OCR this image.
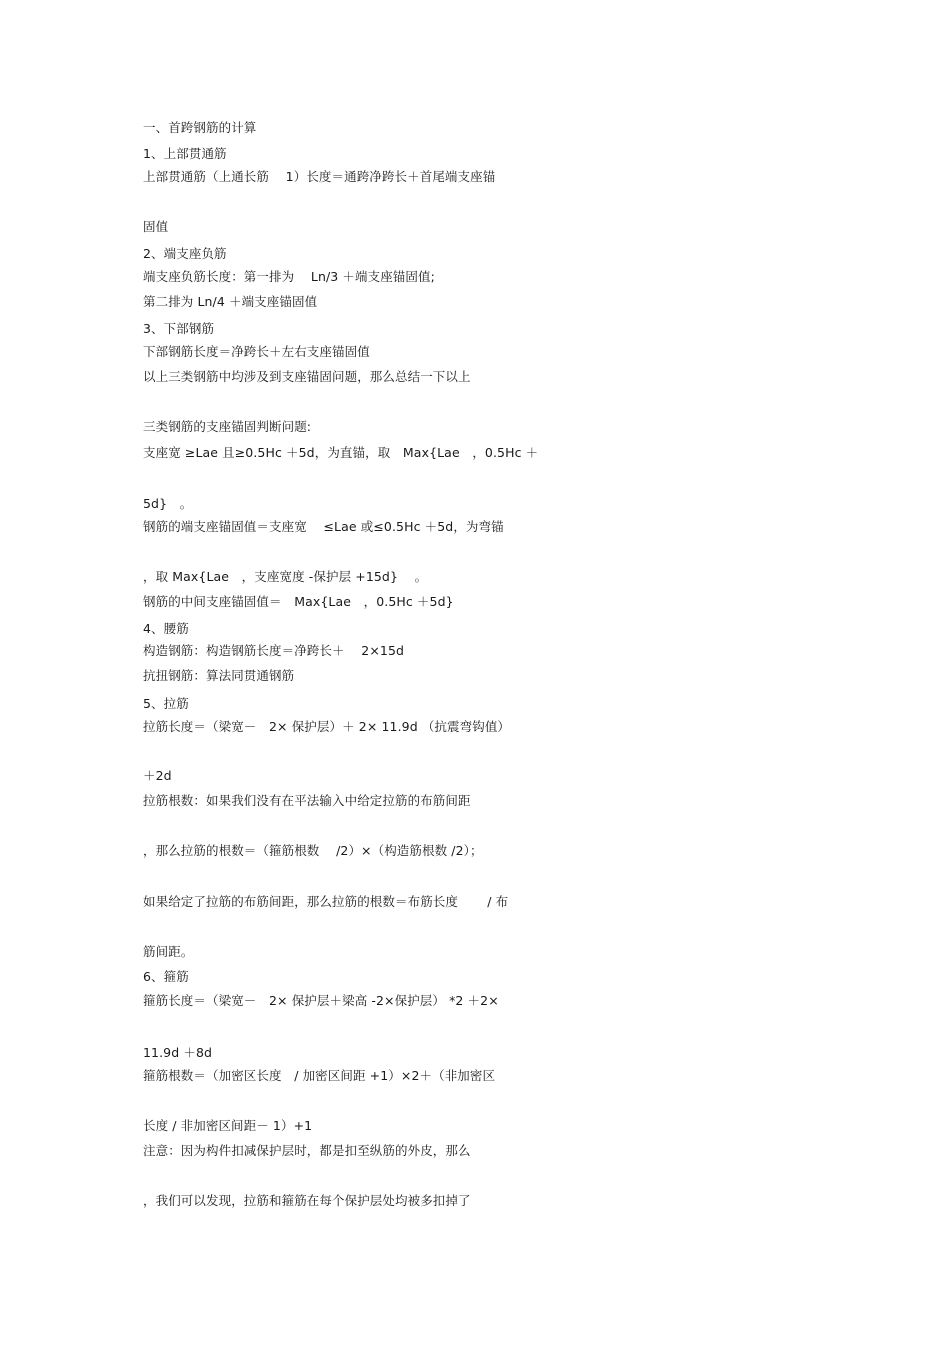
一、首跨钢筋的计算
1、上部贯通筋
上部贯通筋（上通长筋　 1）长度＝通跨净跨长＋首尾端支座锚
固值
2、端支座负筋
端支座负筋长度：第一排为　 Ln/3 ＋端支座锚固值;
第二排为 Ln/4 ＋端支座锚固值
3、下部钢筋
下部钢筋长度＝净跨长＋左右支座锚固值
以上三类钢筋中均涉及到支座锚固问题，那么总结一下以上
三类钢筋的支座锚固判断问题:
支座宽 ≥Lae 且≥0.5Hc ＋5d，为直锚，取　Max{Lae　，0.5Hc ＋
5d}　。
钢筋的端支座锚固值＝支座宽　 ≤Lae 或≤0.5Hc ＋5d，为弯锚
，取 Max{Lae　，支座宽度 -保护层 +15d}　 。
钢筋的中间支座锚固值＝　Max{Lae　，0.5Hc ＋5d}
4、腰筋
构造钢筋：构造钢筋长度＝净跨长＋　 2×15d
抗扭钢筋：算法同贯通钢筋
5、拉筋
拉筋长度＝（梁宽－　2× 保护层）＋ 2× 11.9d （抗震弯钩值）
＋2d
拉筋根数：如果我们没有在平法输入中给定拉筋的布筋间距
，那么拉筋的根数＝（箍筋根数　 /2）×（构造筋根数 /2）；
如果给定了拉筋的布筋间距，那么拉筋的根数＝布筋长度　　 / 布
筋间距。
6、箍筋
箍筋长度＝（梁宽－　2× 保护层＋梁高 -2×保护层） *2 ＋2×
11.9d ＋8d
箍筋根数＝（加密区长度　/ 加密区间距 +1）×2＋（非加密区
长度 / 非加密区间距－ 1）+1
注意：因为构件扣减保护层时，都是扣至纵筋的外皮，那么
，我们可以发现，拉筋和箍筋在每个保护层处均被多扣掉了
